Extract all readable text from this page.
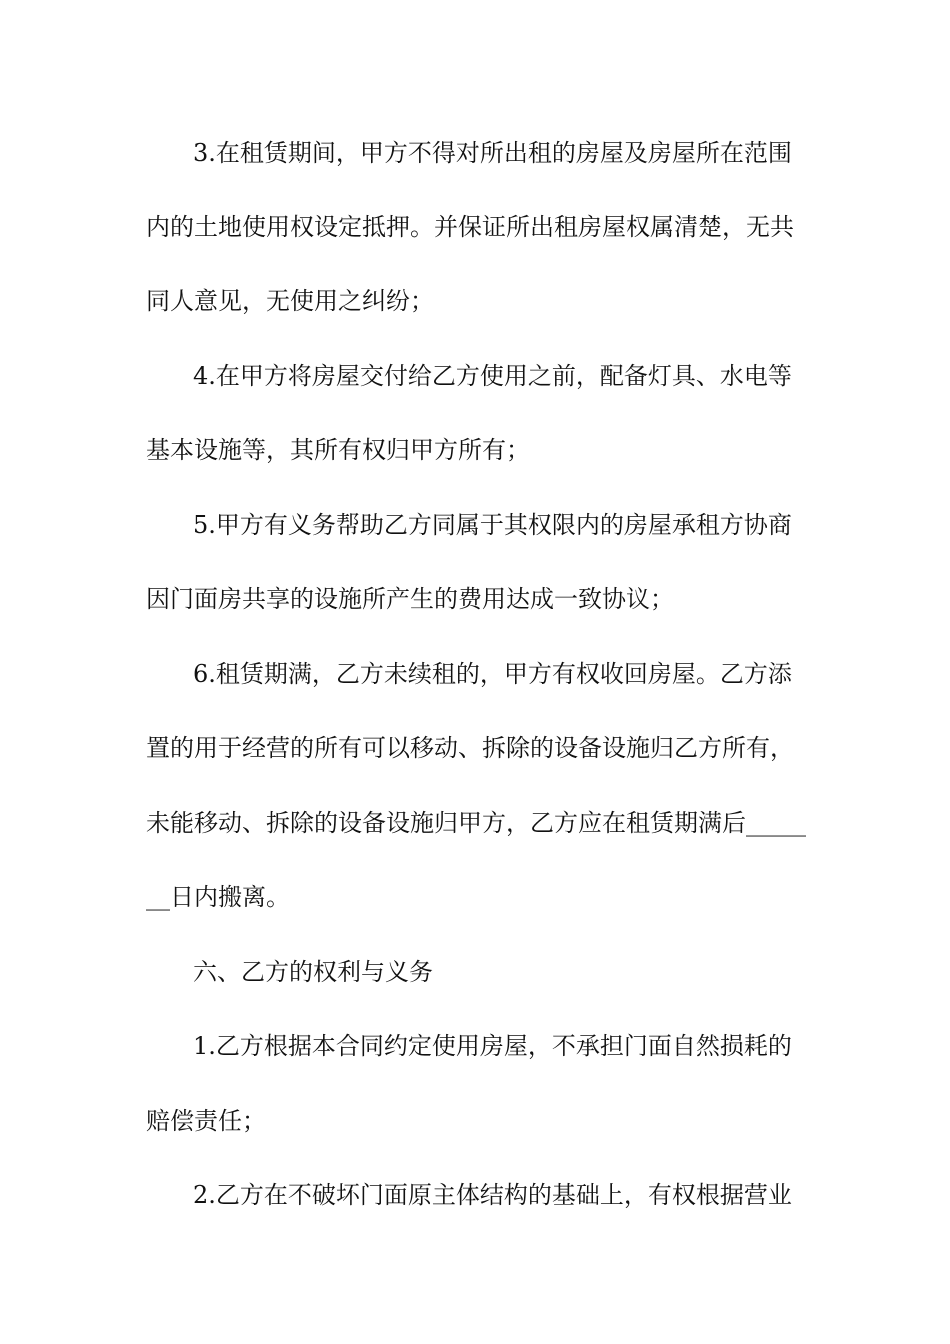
3.在租赁期间，甲方不得对所出租的房屋及房屋所在范围
内的土地使用权设定抵押。并保证所出租房屋权属清楚，无共
同人意见，无使用之纠纷；
4.在甲方将房屋交付给乙方使用之前，配备灯具、水电等
基本设施等，其所有权归甲方所有；
5.甲方有义务帮助乙方同属于其权限内的房屋承租方协商
因门面房共享的设施所产生的费用达成一致协议；
6.租赁期满，乙方未续租的，甲方有权收回房屋。乙方添
置的用于经营的所有可以移动、拆除的设备设施归乙方所有，
未能移动、拆除的设备设施归甲方，乙方应在租赁期满后_____
__日内搬离。
六、乙方的权利与义务
1.乙方根据本合同约定使用房屋，不承担门面自然损耗的
赔偿责任；
2.乙方在不破坏门面原主体结构的基础上，有权根据营业
